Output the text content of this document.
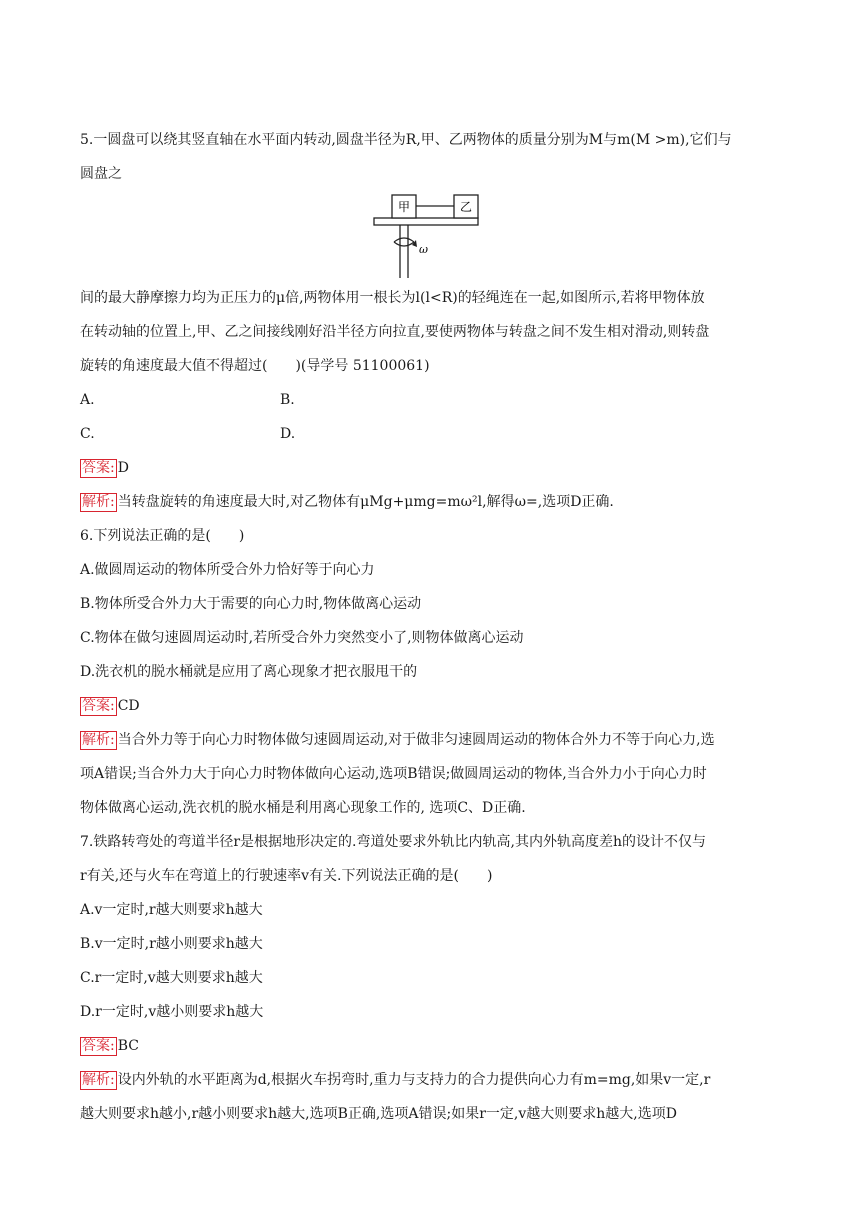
5.一圆盘可以绕其竖直轴在水平面内转动,圆盘半径为R,甲、乙两物体的质量分别为M与m(M >m),它们与
圆盘之
甲	乙
ω
间的最大静摩擦力均为正压力的μ倍,两物体用一根长为l(l<R)的轻绳连在一起,如图所示,若将甲物体放
在转动轴的位置上,甲、乙之间接线刚好沿半径方向拉直,要使两物体与转盘之间不发生相对滑动,则转盘
旋转的角速度最大值不得超过(　　)(导学号 51100061)
A.	B.
C.	D.
答案: D
解析: 当转盘旋转的角速度最大时,对乙物体有μMg+μmg=mω²l,解得ω=,选项D正确.
6.下列说法正确的是(　　)
A.做圆周运动的物体所受合外力恰好等于向心力
B.物体所受合外力大于需要的向心力时,物体做离心运动
C.物体在做匀速圆周运动时,若所受合外力突然变小了,则物体做离心运动
D.洗衣机的脱水桶就是应用了离心现象才把衣服甩干的
答案: CD
解析: 当合外力等于向心力时物体做匀速圆周运动,对于做非匀速圆周运动的物体合外力不等于向心力,选
项A错误;当合外力大于向心力时物体做向心运动,选项B错误;做圆周运动的物体,当合外力小于向心力时
物体做离心运动,洗衣机的脱水桶是利用离心现象工作的, 选项C、D正确.
7.铁路转弯处的弯道半径r是根据地形决定的.弯道处要求外轨比内轨高,其内外轨高度差h的设计不仅与
r有关,还与火车在弯道上的行驶速率v有关.下列说法正确的是(　　)
A.v一定时,r越大则要求h越大
B.v一定时,r越小则要求h越大
C.r一定时,v越大则要求h越大
D.r一定时,v越小则要求h越大
答案: BC
解析: 设内外轨的水平距离为d,根据火车拐弯时,重力与支持力的合力提供向心力有m=mg,如果v一定,r
越大则要求h越小,r越小则要求h越大,选项B正确,选项A错误;如果r一定,v越大则要求h越大,选项D
